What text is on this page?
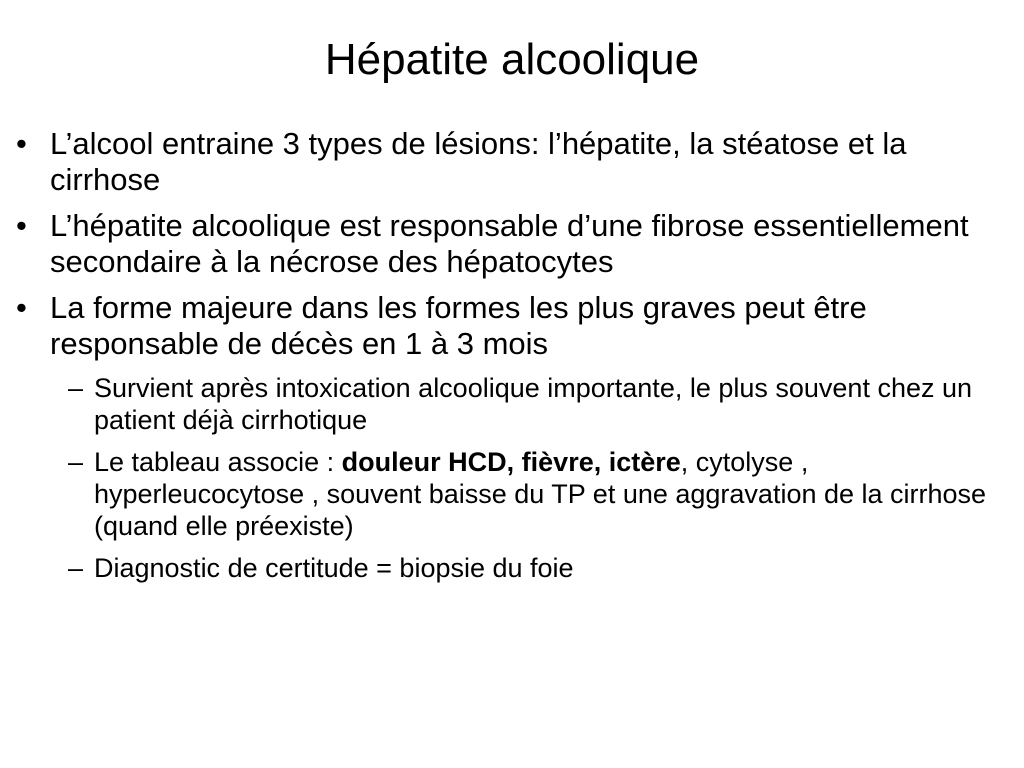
Hépatite alcoolique
• L’alcool entraine 3 types de lésions: l’hépatite, la stéatose et la cirrhose
• L’hépatite alcoolique est responsable d’une fibrose essentiellement secondaire à la nécrose des hépatocytes
• La forme majeure dans les formes les plus graves peut être responsable de décès en 1 à 3 mois
– Survient après intoxication alcoolique importante, le plus souvent chez un patient déjà cirrhotique
– Le tableau associe : douleur HCD, fièvre, ictère, cytolyse , hyperleucocytose , souvent baisse du TP et une aggravation de la cirrhose (quand elle préexiste)
– Diagnostic de certitude = biopsie du foie
